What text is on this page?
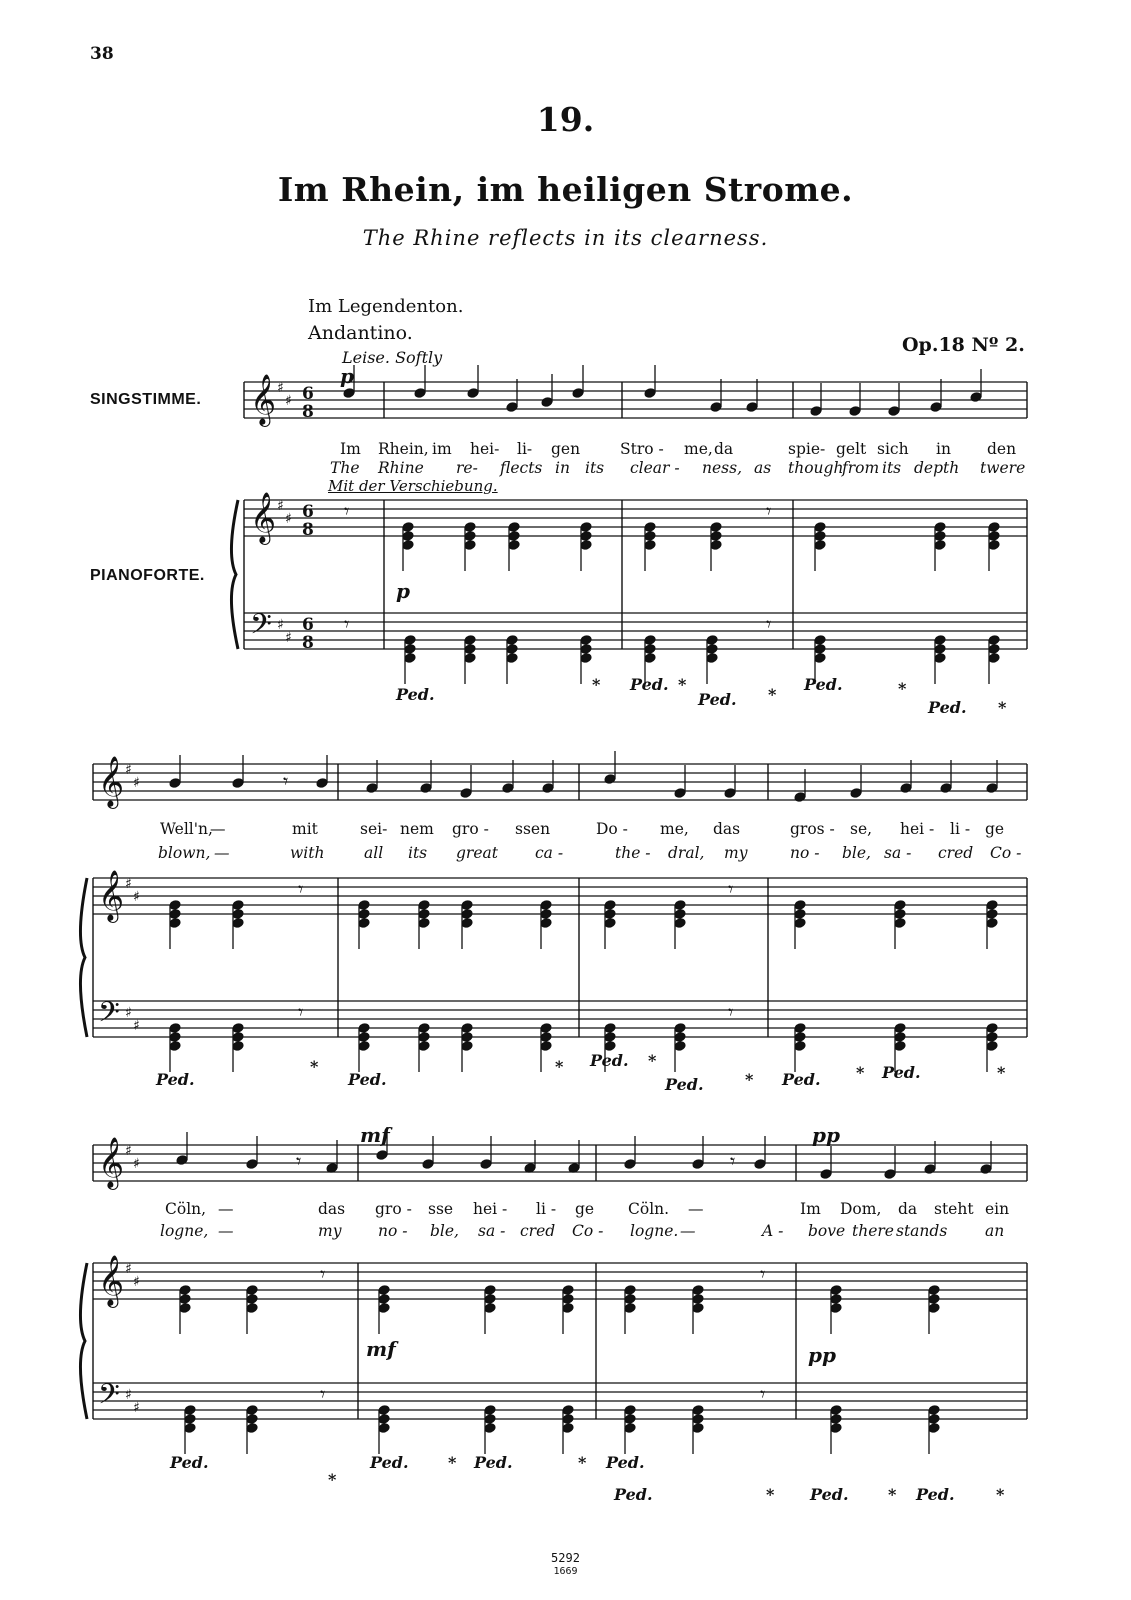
38
19.
Im Rhein, im heiligen Strome.
The Rhine reflects in its clearness.
Im Legendenton.
Andantino.
Op.18 Nº 2.
𝄞
𝄞
𝄢
♯
♯
♯
♯
♯
♯
6
8
6
8
6
8
𝄾
𝄾
𝄾
𝄾
p
p
Im Rhein, im hei- li- gen	Stro - me, da	spie- gelt sich in den
The Rhine re- flects in its clear - ness, as though
from its depth twere
Ped.
* Ped. *
Ped. *
Ped.	*
Ped. *
𝄞
𝄞
𝄢
♯
♯
♯
♯
♯
♯
𝄾
𝄾
𝄾
𝄾
𝄾
Well'n,
—	mit	sei- nem gro - ssen	Do - me, das	gros - se, hei - li - ge
blown, —	with	all its great ca -	the - dral, my	no - ble, sa - cred Co -
Ped.
*
Ped.
* Ped. *
Ped.	* Ped. * Ped.	*
𝄞
𝄞
𝄢
♯
♯
♯
♯
♯
♯
𝄾	𝄾
𝄾
𝄾
𝄾
𝄾
mf
mf
pp
pp
Cöln, —	das gro - sse hei - li - ge Cöln. —	Im Dom, da steht ein
logne, —	my no - ble, sa - cred Co - logne. —	A - bove there stands an
Ped.
*
Ped. * Ped.	* Ped.
Ped.	* Ped. * Ped.	*
SINGSTIMME.
PIANOFORTE.
Leise. Softly
Mit der Verschiebung.
5292
1669
